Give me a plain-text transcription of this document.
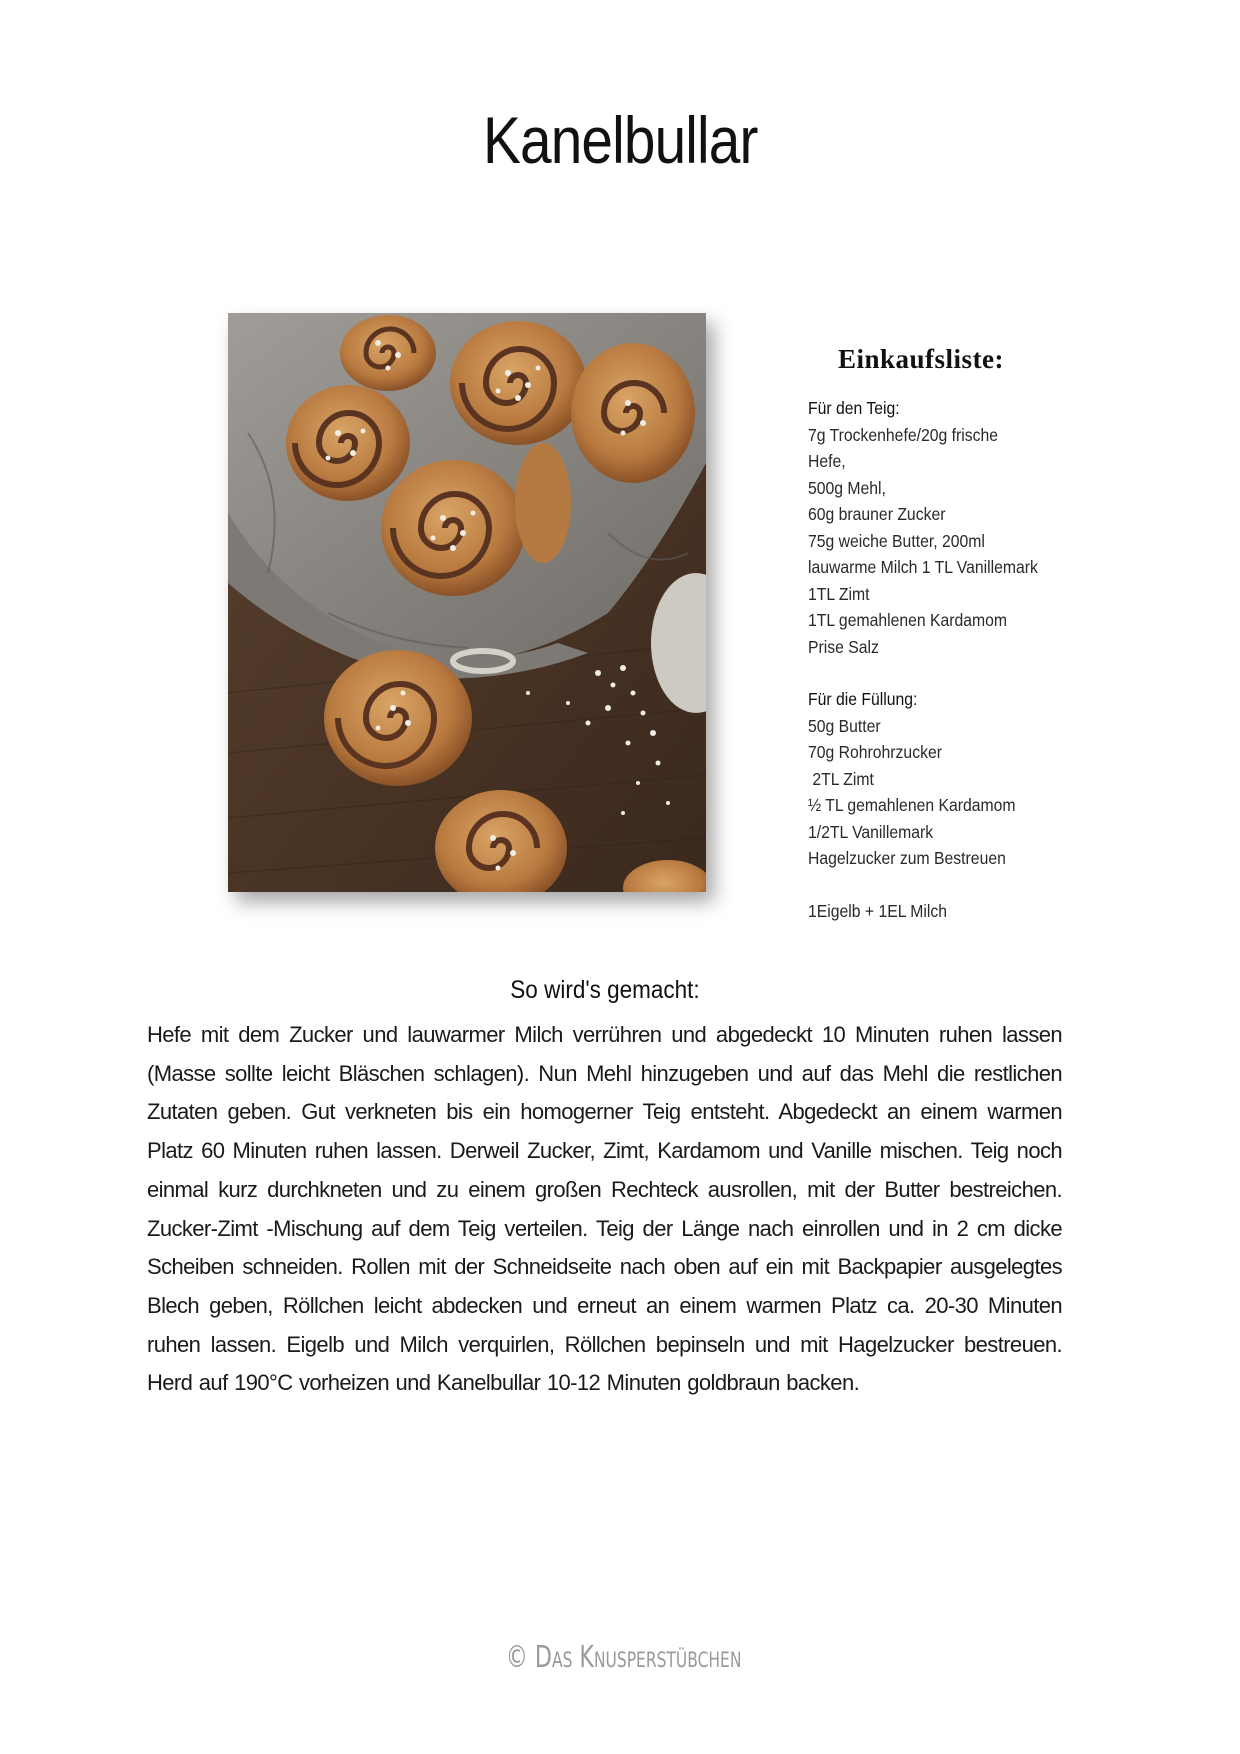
Kanelbullar
Einkaufsliste:
Für den Teig:
7g Trockenhefe/20g frische
Hefe,
500g Mehl,
60g brauner Zucker
75g weiche Butter, 200ml
lauwarme Milch 1 TL Vanillemark
1TL Zimt
1TL gemahlenen Kardamom
Prise Salz
Für die Füllung:
50g Butter
70g Rohrohrzucker
2TL Zimt
½ TL gemahlenen Kardamom
1/2TL Vanillemark
Hagelzucker zum Bestreuen
1Eigelb + 1EL Milch
So wird's gemacht:

Hefe mit dem Zucker und lauwarmer Milch verrühren und abgedeckt 10 Minuten ruhen lassen (Masse sollte leicht Bläschen schlagen). Nun Mehl hinzugeben und auf das Mehl die restlichen Zutaten geben. Gut verkneten bis ein homogerner Teig entsteht. Abgedeckt an einem warmen Platz 60 Minuten ruhen lassen. Derweil Zucker, Zimt, Kardamom und Vanille mischen. Teig noch einmal kurz durchkneten und zu einem großen Rechteck ausrollen, mit der Butter bestreichen. Zucker-Zimt -Mischung auf dem Teig verteilen. Teig der Länge nach einrollen und in 2 cm dicke Scheiben schneiden. Rollen mit der Schneidseite nach oben auf ein mit Backpapier ausgelegtes Blech geben, Röllchen leicht abdecken und erneut an einem warmen Platz ca. 20-30 Minuten ruhen lassen. Eigelb und Milch verquirlen, Röllchen bepinseln und mit Hagelzucker bestreuen. Herd auf 190°C vorheizen und Kanelbullar 10-12 Minuten goldbraun backen.

© Das Knusperstübchen
